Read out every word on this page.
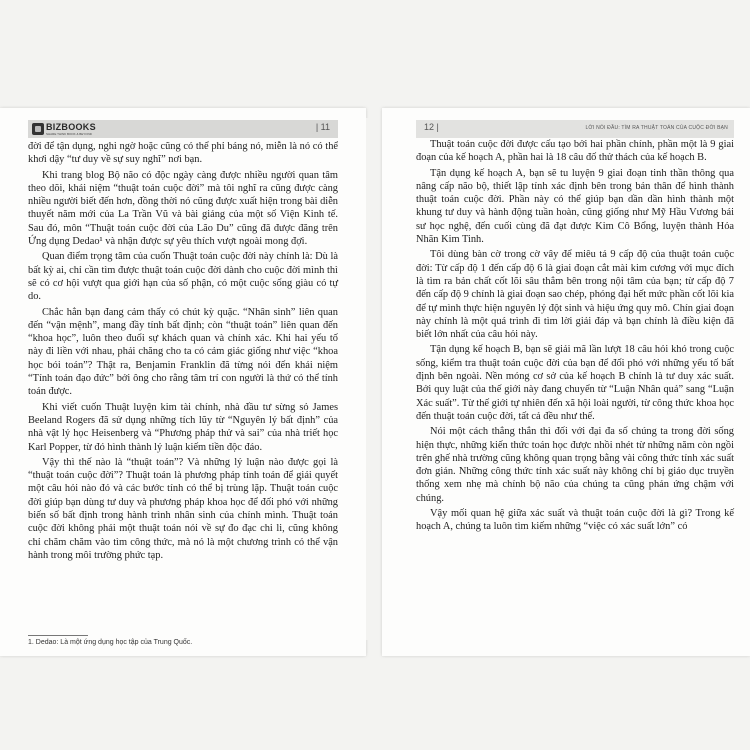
BIZBOOKS
SHARE THINK BOOK & BEYOND
| 11

đời để tận dụng, nghi ngờ hoặc cũng có thể phỉ báng nó, miễn là nó có thể khơi dậy “tư duy về sự suy nghĩ” nơi bạn.

Khi trang blog Bộ não có độc ngày càng được nhiều người quan tâm theo dõi, khái niệm “thuật toán cuộc đời” mà tôi nghĩ ra cũng được càng nhiều người biết đến hơn, đồng thời nó cũng được xuất hiện trong bài diễn thuyết năm mới của La Trần Vũ và bài giảng của một số Viện Kinh tế. Sau đó, môn “Thuật toán cuộc đời của Lão Du” cũng đã được đăng trên Ứng dụng Dedao¹ và nhận được sự yêu thích vượt ngoài mong đợi.

Quan điểm trọng tâm của cuốn Thuật toán cuộc đời này chính là: Dù là bất kỳ ai, chỉ cần tìm được thuật toán cuộc đời dành cho cuộc đời mình thì sẽ có cơ hội vượt qua giới hạn của số phận, có một cuộc sống giàu có tự do.

Chắc hẳn bạn đang cảm thấy có chút kỳ quặc. “Nhân sinh” liên quan đến “vận mệnh”, mang đầy tính bất định; còn “thuật toán” liên quan đến “khoa học”, luôn theo đuổi sự khách quan và chính xác. Khi hai yếu tố này đi liền với nhau, phải chăng cho ta có cảm giác giống như việc “khoa học bói toán”? Thật ra, Benjamin Franklin đã từng nói đến khái niệm “Tính toán đạo đức” bởi ông cho rằng tâm trí con người là thứ có thể tính toán được.

Khi viết cuốn Thuật luyện kim tài chính, nhà đầu tư sừng sỏ James Beeland Rogers đã sử dụng những tích lũy từ “Nguyên lý bất định” của nhà vật lý học Heisenberg và “Phương pháp thử và sai” của nhà triết học Karl Popper, từ đó hình thành lý luận kiếm tiền độc đáo.

Vậy thì thế nào là “thuật toán”? Và những lý luận nào được gọi là “thuật toán cuộc đời”? Thuật toán là phương pháp tính toán để giải quyết một câu hỏi nào đó và các bước tính có thể bị trùng lặp. Thuật toán cuộc đời giúp bạn dùng tư duy và phương pháp khoa học để đối phó với những biến số bất định trong hành trình nhân sinh của chính mình. Thuật toán cuộc đời không phải một thuật toán nói về sự đo đạc chi li, cũng không chỉ chăm chăm vào tìm công thức, mà nó là một chương trình có thể vận hành trong môi trường phức tạp.

1. Dedao: Là một ứng dụng học tập của Trung Quốc.
12 |	LỜI NÓI ĐẦU: TÌM RA THUẬT TOÁN CỦA CUỘC ĐỜI BẠN

Thuật toán cuộc đời được cấu tạo bởi hai phần chính, phần một là 9 giai đoạn của kế hoạch A, phần hai là 18 câu đố thử thách của kế hoạch B.

Tận dụng kế hoạch A, bạn sẽ tu luyện 9 giai đoạn tinh thần thông qua nâng cấp não bộ, thiết lập tính xác định bên trong bản thân để hình thành thuật toán cuộc đời. Phần này có thể giúp bạn dần dần hình thành một khung tư duy và hành động tuần hoàn, cũng giống như Mỹ Hầu Vương bái sư học nghệ, đến cuối cùng đã đạt được Kim Cô Bổng, luyện thành Hỏa Nhãn Kim Tinh.

Tôi dùng bàn cờ trong cờ vây để miêu tả 9 cấp độ của thuật toán cuộc đời: Từ cấp độ 1 đến cấp độ 6 là giai đoạn cắt mài kim cương với mục đích là tìm ra bản chất cốt lõi sâu thẳm bên trong nội tâm của bạn; từ cấp độ 7 đến cấp độ 9 chính là giai đoạn sao chép, phóng đại hết mức phần cốt lõi kia để tự mình thực hiện nguyên lý đột sinh và hiệu ứng quy mô. Chín giai đoạn này chính là một quá trình đi tìm lời giải đáp và bạn chính là điều kiện đã biết lớn nhất của câu hỏi này.

Tận dụng kế hoạch B, bạn sẽ giải mã lần lượt 18 câu hỏi khó trong cuộc sống, kiểm tra thuật toán cuộc đời của bạn để đối phó với những yếu tố bất định bên ngoài. Nền móng cơ sở của kế hoạch B chính là tư duy xác suất. Bởi quy luật của thế giới này đang chuyển từ “Luận Nhân quả” sang “Luận Xác suất”. Từ thế giới tự nhiên đến xã hội loài người, từ công thức khoa học đến thuật toán cuộc đời, tất cả đều như thế.

Nói một cách thẳng thắn thì đối với đại đa số chúng ta trong đời sống hiện thực, những kiến thức toán học được nhồi nhét từ những năm còn ngồi trên ghế nhà trường cũng không quan trọng bằng vài công thức tính xác suất đơn giản. Những công thức tính xác suất này không chỉ bị giáo dục truyền thống xem nhẹ mà chính bộ não của chúng ta cũng phản ứng chậm với chúng.

Vậy mối quan hệ giữa xác suất và thuật toán cuộc đời là gì? Trong kế hoạch A, chúng ta luôn tìm kiếm những “việc có xác suất lớn” có
